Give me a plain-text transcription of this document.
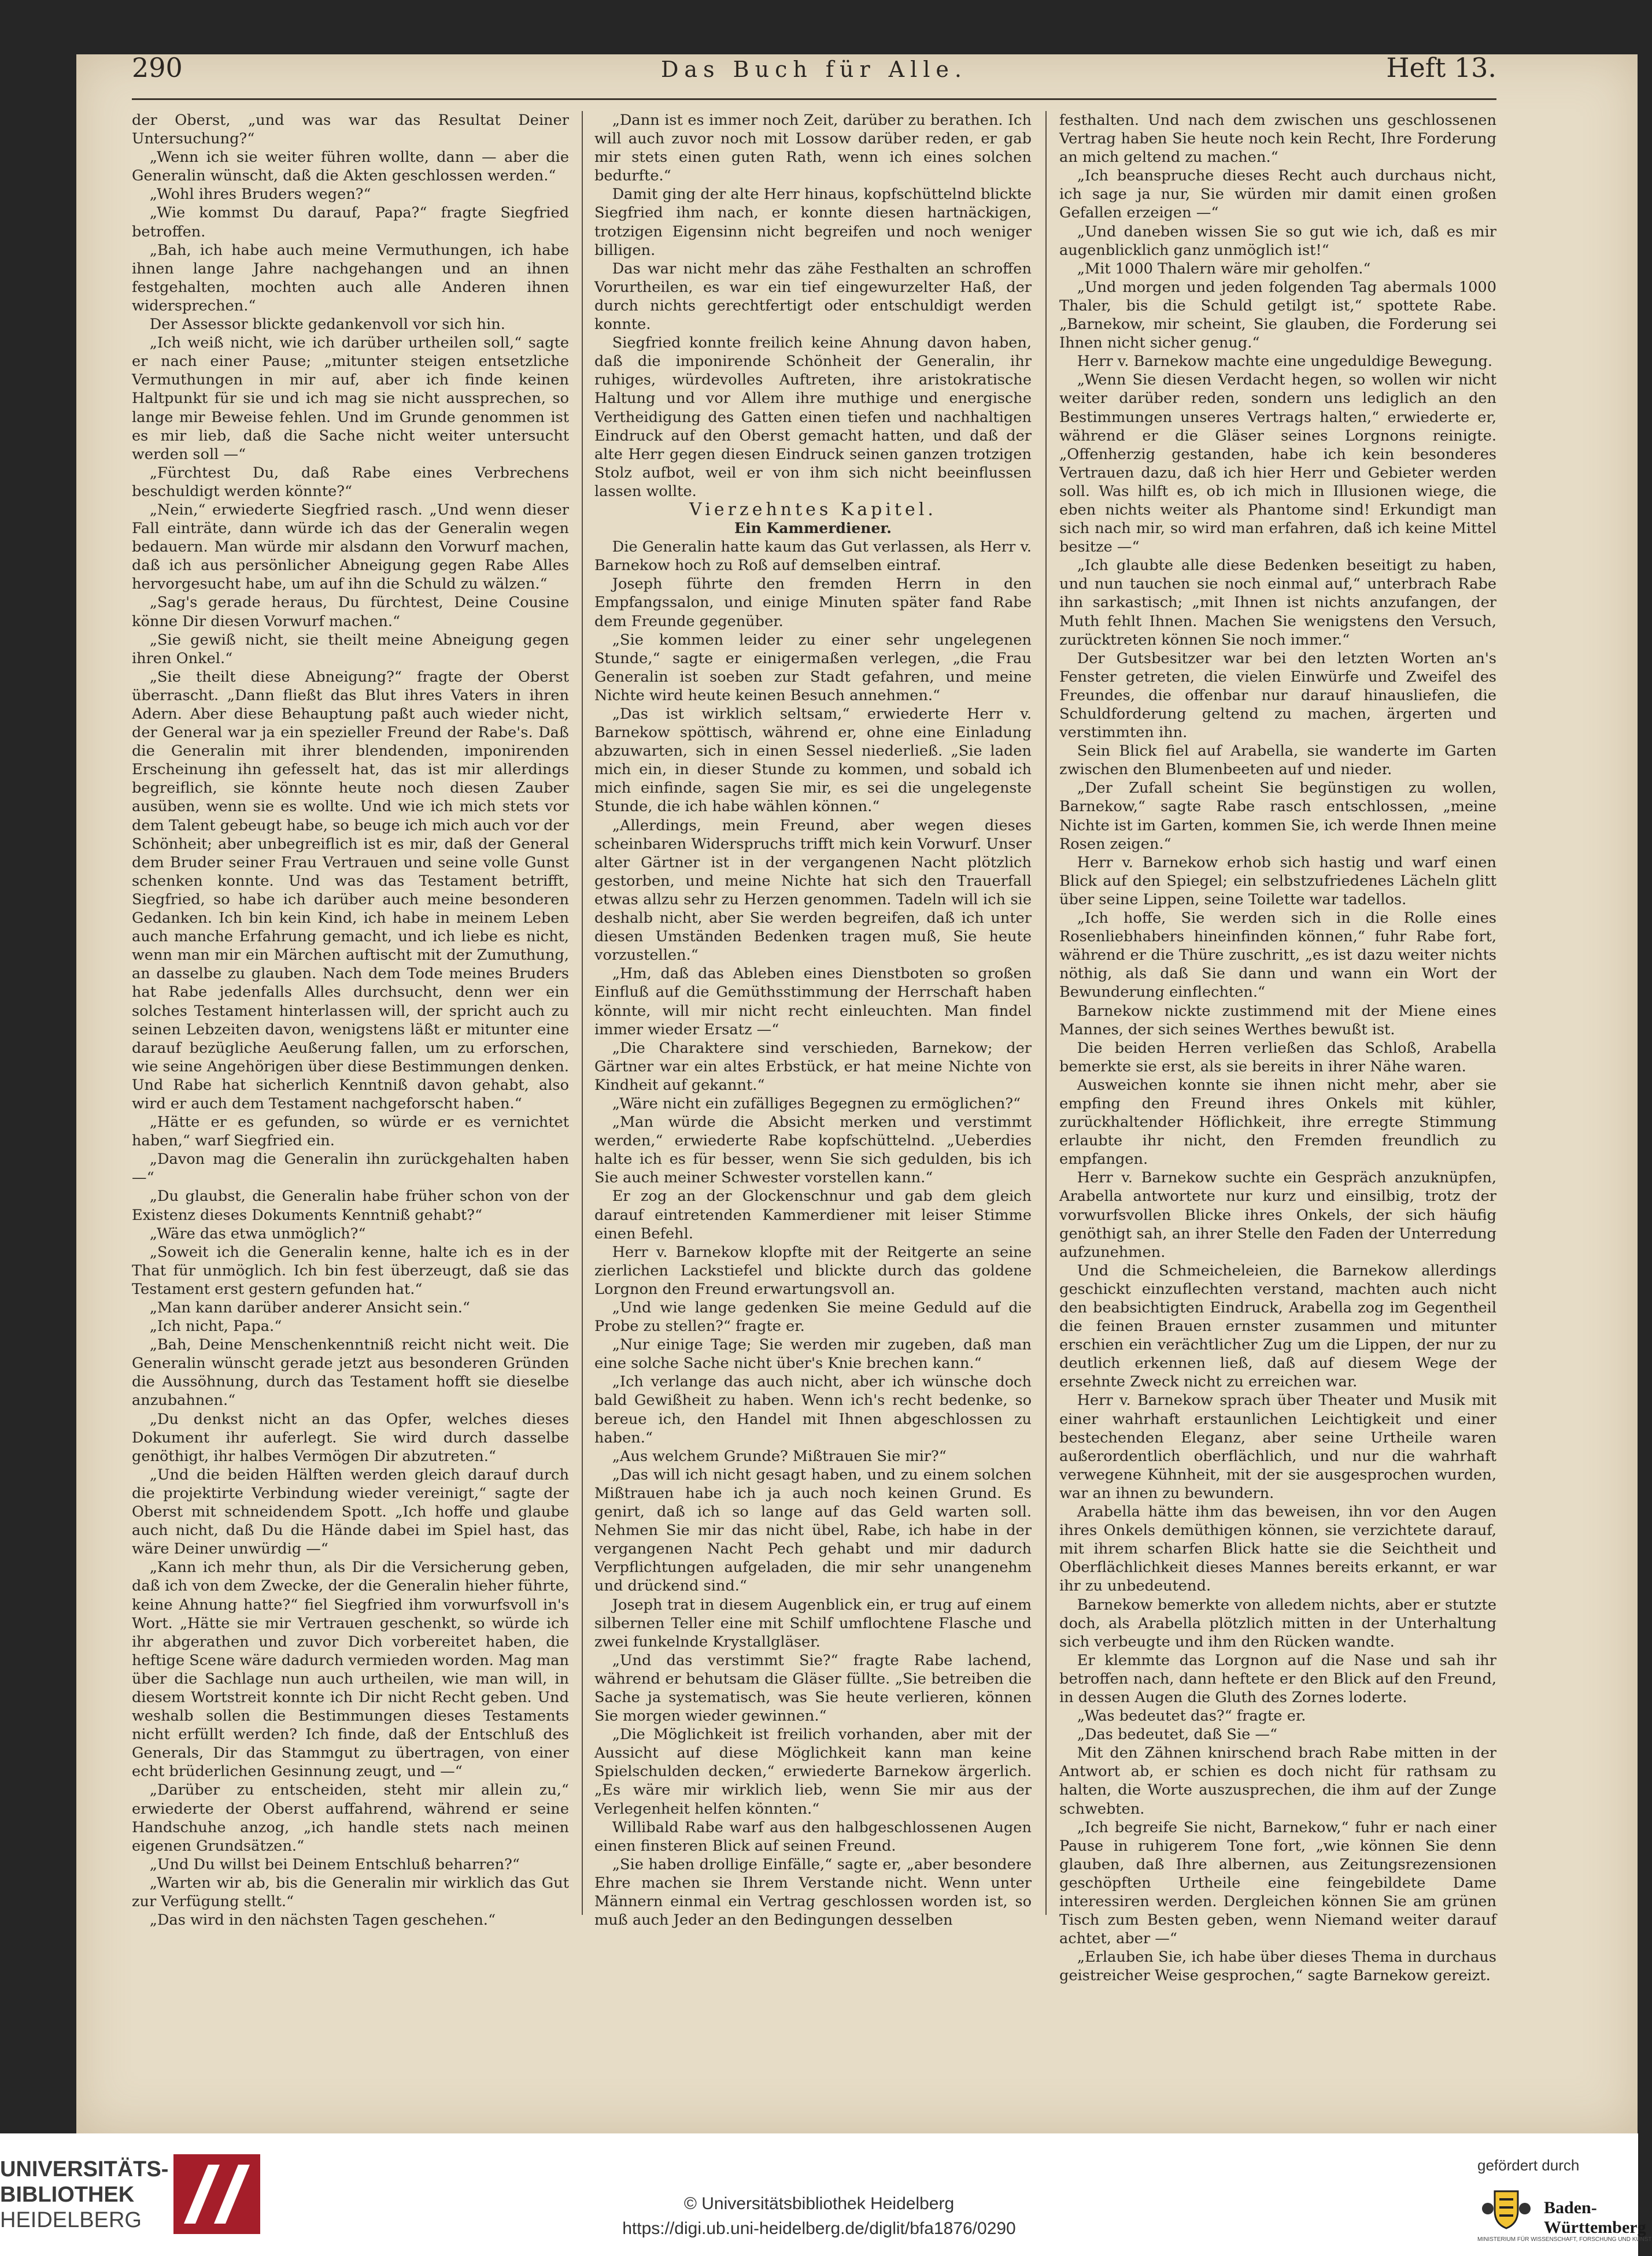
290	Das Buch für Alle.	Heft 13.

der Oberst, „und was war das Resultat Deiner Untersuchung?“

„Wenn ich sie weiter führen wollte, dann — aber die Generalin wünscht, daß die Akten geschlossen werden.“

„Wohl ihres Bruders wegen?“

„Wie kommst Du darauf, Papa?“ fragte Siegfried betroffen.

„Bah, ich habe auch meine Vermuthungen, ich habe ihnen lange Jahre nachgehangen und an ihnen festgehalten, mochten auch alle Anderen ihnen widersprechen.“

Der Assessor blickte gedankenvoll vor sich hin.

„Ich weiß nicht, wie ich darüber urtheilen soll,“ sagte er nach einer Pause; „mitunter steigen entsetzliche Vermuthungen in mir auf, aber ich finde keinen Haltpunkt für sie und ich mag sie nicht aussprechen, so lange mir Beweise fehlen. Und im Grunde genommen ist es mir lieb, daß die Sache nicht weiter untersucht werden soll —“

„Fürchtest Du, daß Rabe eines Verbrechens beschuldigt werden könnte?“

„Nein,“ erwiederte Siegfried rasch. „Und wenn dieser Fall einträte, dann würde ich das der Generalin wegen bedauern. Man würde mir alsdann den Vorwurf machen, daß ich aus persönlicher Abneigung gegen Rabe Alles hervorgesucht habe, um auf ihn die Schuld zu wälzen.“

„Sag's gerade heraus, Du fürchtest, Deine Cousine könne Dir diesen Vorwurf machen.“

„Sie gewiß nicht, sie theilt meine Abneigung gegen ihren Onkel.“

„Sie theilt diese Abneigung?“ fragte der Oberst überrascht. „Dann fließt das Blut ihres Vaters in ihren Adern. Aber diese Behauptung paßt auch wieder nicht, der General war ja ein spezieller Freund der Rabe's. Daß die Generalin mit ihrer blendenden, imponirenden Erscheinung ihn gefesselt hat, das ist mir allerdings begreiflich, sie könnte heute noch diesen Zauber ausüben, wenn sie es wollte. Und wie ich mich stets vor dem Talent gebeugt habe, so beuge ich mich auch vor der Schönheit; aber unbegreiflich ist es mir, daß der General dem Bruder seiner Frau Vertrauen und seine volle Gunst schenken konnte. Und was das Testament betrifft, Siegfried, so habe ich darüber auch meine besonderen Gedanken. Ich bin kein Kind, ich habe in meinem Leben auch manche Erfahrung gemacht, und ich liebe es nicht, wenn man mir ein Märchen auftischt mit der Zumuthung, an dasselbe zu glauben. Nach dem Tode meines Bruders hat Rabe jedenfalls Alles durchsucht, denn wer ein solches Testament hinterlassen will, der spricht auch zu seinen Lebzeiten davon, wenigstens läßt er mitunter eine darauf bezügliche Aeußerung fallen, um zu erforschen, wie seine Angehörigen über diese Bestimmungen denken. Und Rabe hat sicherlich Kenntniß davon gehabt, also wird er auch dem Testament nachgeforscht haben.“

„Hätte er es gefunden, so würde er es vernichtet haben,“ warf Siegfried ein.

„Davon mag die Generalin ihn zurückgehalten haben —“

„Du glaubst, die Generalin habe früher schon von der Existenz dieses Dokuments Kenntniß gehabt?“

„Wäre das etwa unmöglich?“

„Soweit ich die Generalin kenne, halte ich es in der That für unmöglich. Ich bin fest überzeugt, daß sie das Testament erst gestern gefunden hat.“

„Man kann darüber anderer Ansicht sein.“

„Ich nicht, Papa.“

„Bah, Deine Menschenkenntniß reicht nicht weit. Die Generalin wünscht gerade jetzt aus besonderen Gründen die Aussöhnung, durch das Testament hofft sie dieselbe anzubahnen.“

„Du denkst nicht an das Opfer, welches dieses Dokument ihr auferlegt. Sie wird durch dasselbe genöthigt, ihr halbes Vermögen Dir abzutreten.“

„Und die beiden Hälften werden gleich darauf durch die projektirte Verbindung wieder vereinigt,“ sagte der Oberst mit schneidendem Spott. „Ich hoffe und glaube auch nicht, daß Du die Hände dabei im Spiel hast, das wäre Deiner unwürdig —“

„Kann ich mehr thun, als Dir die Versicherung geben, daß ich von dem Zwecke, der die Generalin hieher führte, keine Ahnung hatte?“ fiel Siegfried ihm vorwurfsvoll in's Wort. „Hätte sie mir Vertrauen geschenkt, so würde ich ihr abgerathen und zuvor Dich vorbereitet haben, die heftige Scene wäre dadurch vermieden worden. Mag man über die Sachlage nun auch urtheilen, wie man will, in diesem Wortstreit konnte ich Dir nicht Recht geben. Und weshalb sollen die Bestimmungen dieses Testaments nicht erfüllt werden? Ich finde, daß der Entschluß des Generals, Dir das Stammgut zu übertragen, von einer echt brüderlichen Gesinnung zeugt, und —“

„Darüber zu entscheiden, steht mir allein zu,“ erwiederte der Oberst auffahrend, während er seine Handschuhe anzog, „ich handle stets nach meinen eigenen Grundsätzen.“

„Und Du willst bei Deinem Entschluß beharren?“

„Warten wir ab, bis die Generalin mir wirklich das Gut zur Verfügung stellt.“

„Das wird in den nächsten Tagen geschehen.“

„Dann ist es immer noch Zeit, darüber zu berathen. Ich will auch zuvor noch mit Lossow darüber reden, er gab mir stets einen guten Rath, wenn ich eines solchen bedurfte.“

Damit ging der alte Herr hinaus, kopfschüttelnd blickte Siegfried ihm nach, er konnte diesen hartnäckigen, trotzigen Eigensinn nicht begreifen und noch weniger billigen.

Das war nicht mehr das zähe Festhalten an schroffen Vorurtheilen, es war ein tief eingewurzelter Haß, der durch nichts gerechtfertigt oder entschuldigt werden konnte.

Siegfried konnte freilich keine Ahnung davon haben, daß die imponirende Schönheit der Generalin, ihr ruhiges, würdevolles Auftreten, ihre aristokratische Haltung und vor Allem ihre muthige und energische Vertheidigung des Gatten einen tiefen und nachhaltigen Eindruck auf den Oberst gemacht hatten, und daß der alte Herr gegen diesen Eindruck seinen ganzen trotzigen Stolz aufbot, weil er von ihm sich nicht beeinflussen lassen wollte.

Vierzehntes Kapitel.

Ein Kammerdiener.

Die Generalin hatte kaum das Gut verlassen, als Herr v. Barnekow hoch zu Roß auf demselben eintraf.

Joseph führte den fremden Herrn in den Empfangssalon, und einige Minuten später fand Rabe dem Freunde gegenüber.

„Sie kommen leider zu einer sehr ungelegenen Stunde,“ sagte er einigermaßen verlegen, „die Frau Generalin ist soeben zur Stadt gefahren, und meine Nichte wird heute keinen Besuch annehmen.“

„Das ist wirklich seltsam,“ erwiederte Herr v. Barnekow spöttisch, während er, ohne eine Einladung abzuwarten, sich in einen Sessel niederließ. „Sie laden mich ein, in dieser Stunde zu kommen, und sobald ich mich einfinde, sagen Sie mir, es sei die ungelegenste Stunde, die ich habe wählen können.“

„Allerdings, mein Freund, aber wegen dieses scheinbaren Widerspruchs trifft mich kein Vorwurf. Unser alter Gärtner ist in der vergangenen Nacht plötzlich gestorben, und meine Nichte hat sich den Trauerfall etwas allzu sehr zu Herzen genommen. Tadeln will ich sie deshalb nicht, aber Sie werden begreifen, daß ich unter diesen Umständen Bedenken tragen muß, Sie heute vorzustellen.“

„Hm, daß das Ableben eines Dienstboten so großen Einfluß auf die Gemüthsstimmung der Herrschaft haben könnte, will mir nicht recht einleuchten. Man findel immer wieder Ersatz —“

„Die Charaktere sind verschieden, Barnekow; der Gärtner war ein altes Erbstück, er hat meine Nichte von Kindheit auf gekannt.“

„Wäre nicht ein zufälliges Begegnen zu ermöglichen?“

„Man würde die Absicht merken und verstimmt werden,“ erwiederte Rabe kopfschüttelnd. „Ueberdies halte ich es für besser, wenn Sie sich gedulden, bis ich Sie auch meiner Schwester vorstellen kann.“

Er zog an der Glockenschnur und gab dem gleich darauf eintretenden Kammerdiener mit leiser Stimme einen Befehl.

Herr v. Barnekow klopfte mit der Reitgerte an seine zierlichen Lackstiefel und blickte durch das goldene Lorgnon den Freund erwartungsvoll an.

„Und wie lange gedenken Sie meine Geduld auf die Probe zu stellen?“ fragte er.

„Nur einige Tage; Sie werden mir zugeben, daß man eine solche Sache nicht über's Knie brechen kann.“

„Ich verlange das auch nicht, aber ich wünsche doch bald Gewißheit zu haben. Wenn ich's recht bedenke, so bereue ich, den Handel mit Ihnen abgeschlossen zu haben.“

„Aus welchem Grunde? Mißtrauen Sie mir?“

„Das will ich nicht gesagt haben, und zu einem solchen Mißtrauen habe ich ja auch noch keinen Grund. Es genirt, daß ich so lange auf das Geld warten soll. Nehmen Sie mir das nicht übel, Rabe, ich habe in der vergangenen Nacht Pech gehabt und mir dadurch Verpflichtungen aufgeladen, die mir sehr unangenehm und drückend sind.“

Joseph trat in diesem Augenblick ein, er trug auf einem silbernen Teller eine mit Schilf umflochtene Flasche und zwei funkelnde Krystallgläser.

„Und das verstimmt Sie?“ fragte Rabe lachend, während er behutsam die Gläser füllte. „Sie betreiben die Sache ja systematisch, was Sie heute verlieren, können Sie morgen wieder gewinnen.“

„Die Möglichkeit ist freilich vorhanden, aber mit der Aussicht auf diese Möglichkeit kann man keine Spielschulden decken,“ erwiederte Barnekow ärgerlich. „Es wäre mir wirklich lieb, wenn Sie mir aus der Verlegenheit helfen könnten.“

Willibald Rabe warf aus den halbgeschlossenen Augen einen finsteren Blick auf seinen Freund.

„Sie haben drollige Einfälle,“ sagte er, „aber besondere Ehre machen sie Ihrem Verstande nicht. Wenn unter Männern einmal ein Vertrag geschlossen worden ist, so muß auch Jeder an den Bedingungen desselben

festhalten. Und nach dem zwischen uns geschlossenen Vertrag haben Sie heute noch kein Recht, Ihre Forderung an mich geltend zu machen.“

„Ich beanspruche dieses Recht auch durchaus nicht, ich sage ja nur, Sie würden mir damit einen großen Gefallen erzeigen —“

„Und daneben wissen Sie so gut wie ich, daß es mir augenblicklich ganz unmöglich ist!“

„Mit 1000 Thalern wäre mir geholfen.“

„Und morgen und jeden folgenden Tag abermals 1000 Thaler, bis die Schuld getilgt ist,“ spottete Rabe. „Barnekow, mir scheint, Sie glauben, die Forderung sei Ihnen nicht sicher genug.“

Herr v. Barnekow machte eine ungeduldige Bewegung.

„Wenn Sie diesen Verdacht hegen, so wollen wir nicht weiter darüber reden, sondern uns lediglich an den Bestimmungen unseres Vertrags halten,“ erwiederte er, während er die Gläser seines Lorgnons reinigte. „Offenherzig gestanden, habe ich kein besonderes Vertrauen dazu, daß ich hier Herr und Gebieter werden soll. Was hilft es, ob ich mich in Illusionen wiege, die eben nichts weiter als Phantome sind! Erkundigt man sich nach mir, so wird man erfahren, daß ich keine Mittel besitze —“

„Ich glaubte alle diese Bedenken beseitigt zu haben, und nun tauchen sie noch einmal auf,“ unterbrach Rabe ihn sarkastisch; „mit Ihnen ist nichts anzufangen, der Muth fehlt Ihnen. Machen Sie wenigstens den Versuch, zurücktreten können Sie noch immer.“

Der Gutsbesitzer war bei den letzten Worten an's Fenster getreten, die vielen Einwürfe und Zweifel des Freundes, die offenbar nur darauf hinausliefen, die Schuldforderung geltend zu machen, ärgerten und verstimmten ihn.

Sein Blick fiel auf Arabella, sie wanderte im Garten zwischen den Blumenbeeten auf und nieder.

„Der Zufall scheint Sie begünstigen zu wollen, Barnekow,“ sagte Rabe rasch entschlossen, „meine Nichte ist im Garten, kommen Sie, ich werde Ihnen meine Rosen zeigen.“

Herr v. Barnekow erhob sich hastig und warf einen Blick auf den Spiegel; ein selbstzufriedenes Lächeln glitt über seine Lippen, seine Toilette war tadellos.

„Ich hoffe, Sie werden sich in die Rolle eines Rosenliebhabers hineinfinden können,“ fuhr Rabe fort, während er die Thüre zuschritt, „es ist dazu weiter nichts nöthig, als daß Sie dann und wann ein Wort der Bewunderung einflechten.“

Barnekow nickte zustimmend mit der Miene eines Mannes, der sich seines Werthes bewußt ist.

Die beiden Herren verließen das Schloß, Arabella bemerkte sie erst, als sie bereits in ihrer Nähe waren.

Ausweichen konnte sie ihnen nicht mehr, aber sie empfing den Freund ihres Onkels mit kühler, zurückhaltender Höflichkeit, ihre erregte Stimmung erlaubte ihr nicht, den Fremden freundlich zu empfangen.

Herr v. Barnekow suchte ein Gespräch anzuknüpfen, Arabella antwortete nur kurz und einsilbig, trotz der vorwurfsvollen Blicke ihres Onkels, der sich häufig genöthigt sah, an ihrer Stelle den Faden der Unterredung aufzunehmen.

Und die Schmeicheleien, die Barnekow allerdings geschickt einzuflechten verstand, machten auch nicht den beabsichtigten Eindruck, Arabella zog im Gegentheil die feinen Brauen ernster zusammen und mitunter erschien ein verächtlicher Zug um die Lippen, der nur zu deutlich erkennen ließ, daß auf diesem Wege der ersehnte Zweck nicht zu erreichen war.

Herr v. Barnekow sprach über Theater und Musik mit einer wahrhaft erstaunlichen Leichtigkeit und einer bestechenden Eleganz, aber seine Urtheile waren außerordentlich oberflächlich, und nur die wahrhaft verwegene Kühnheit, mit der sie ausgesprochen wurden, war an ihnen zu bewundern.

Arabella hätte ihm das beweisen, ihn vor den Augen ihres Onkels demüthigen können, sie verzichtete darauf, mit ihrem scharfen Blick hatte sie die Seichtheit und Oberflächlichkeit dieses Mannes bereits erkannt, er war ihr zu unbedeutend.

Barnekow bemerkte von alledem nichts, aber er stutzte doch, als Arabella plötzlich mitten in der Unterhaltung sich verbeugte und ihm den Rücken wandte.

Er klemmte das Lorgnon auf die Nase und sah ihr betroffen nach, dann heftete er den Blick auf den Freund, in dessen Augen die Gluth des Zornes loderte.

„Was bedeutet das?“ fragte er.

„Das bedeutet, daß Sie —“

Mit den Zähnen knirschend brach Rabe mitten in der Antwort ab, er schien es doch nicht für rathsam zu halten, die Worte auszusprechen, die ihm auf der Zunge schwebten.

„Ich begreife Sie nicht, Barnekow,“ fuhr er nach einer Pause in ruhigerem Tone fort, „wie können Sie denn glauben, daß Ihre albernen, aus Zeitungsrezensionen geschöpften Urtheile eine feingebildete Dame interessiren werden. Dergleichen können Sie am grünen Tisch zum Besten geben, wenn Niemand weiter darauf achtet, aber —“

„Erlauben Sie, ich habe über dieses Thema in durchaus geistreicher Weise gesprochen,“ sagte Barnekow gereizt.

UNIVERSITÄTS-
BIBLIOTHEK
HEIDELBERG
© Universitätsbibliothek Heidelberg
https://digi.ub.uni-heidelberg.de/diglit/bfa1876/0290
gefördert durch
Baden-Württemberg
MINISTERIUM FÜR WISSENSCHAFT, FORSCHUNG UND KUNST
